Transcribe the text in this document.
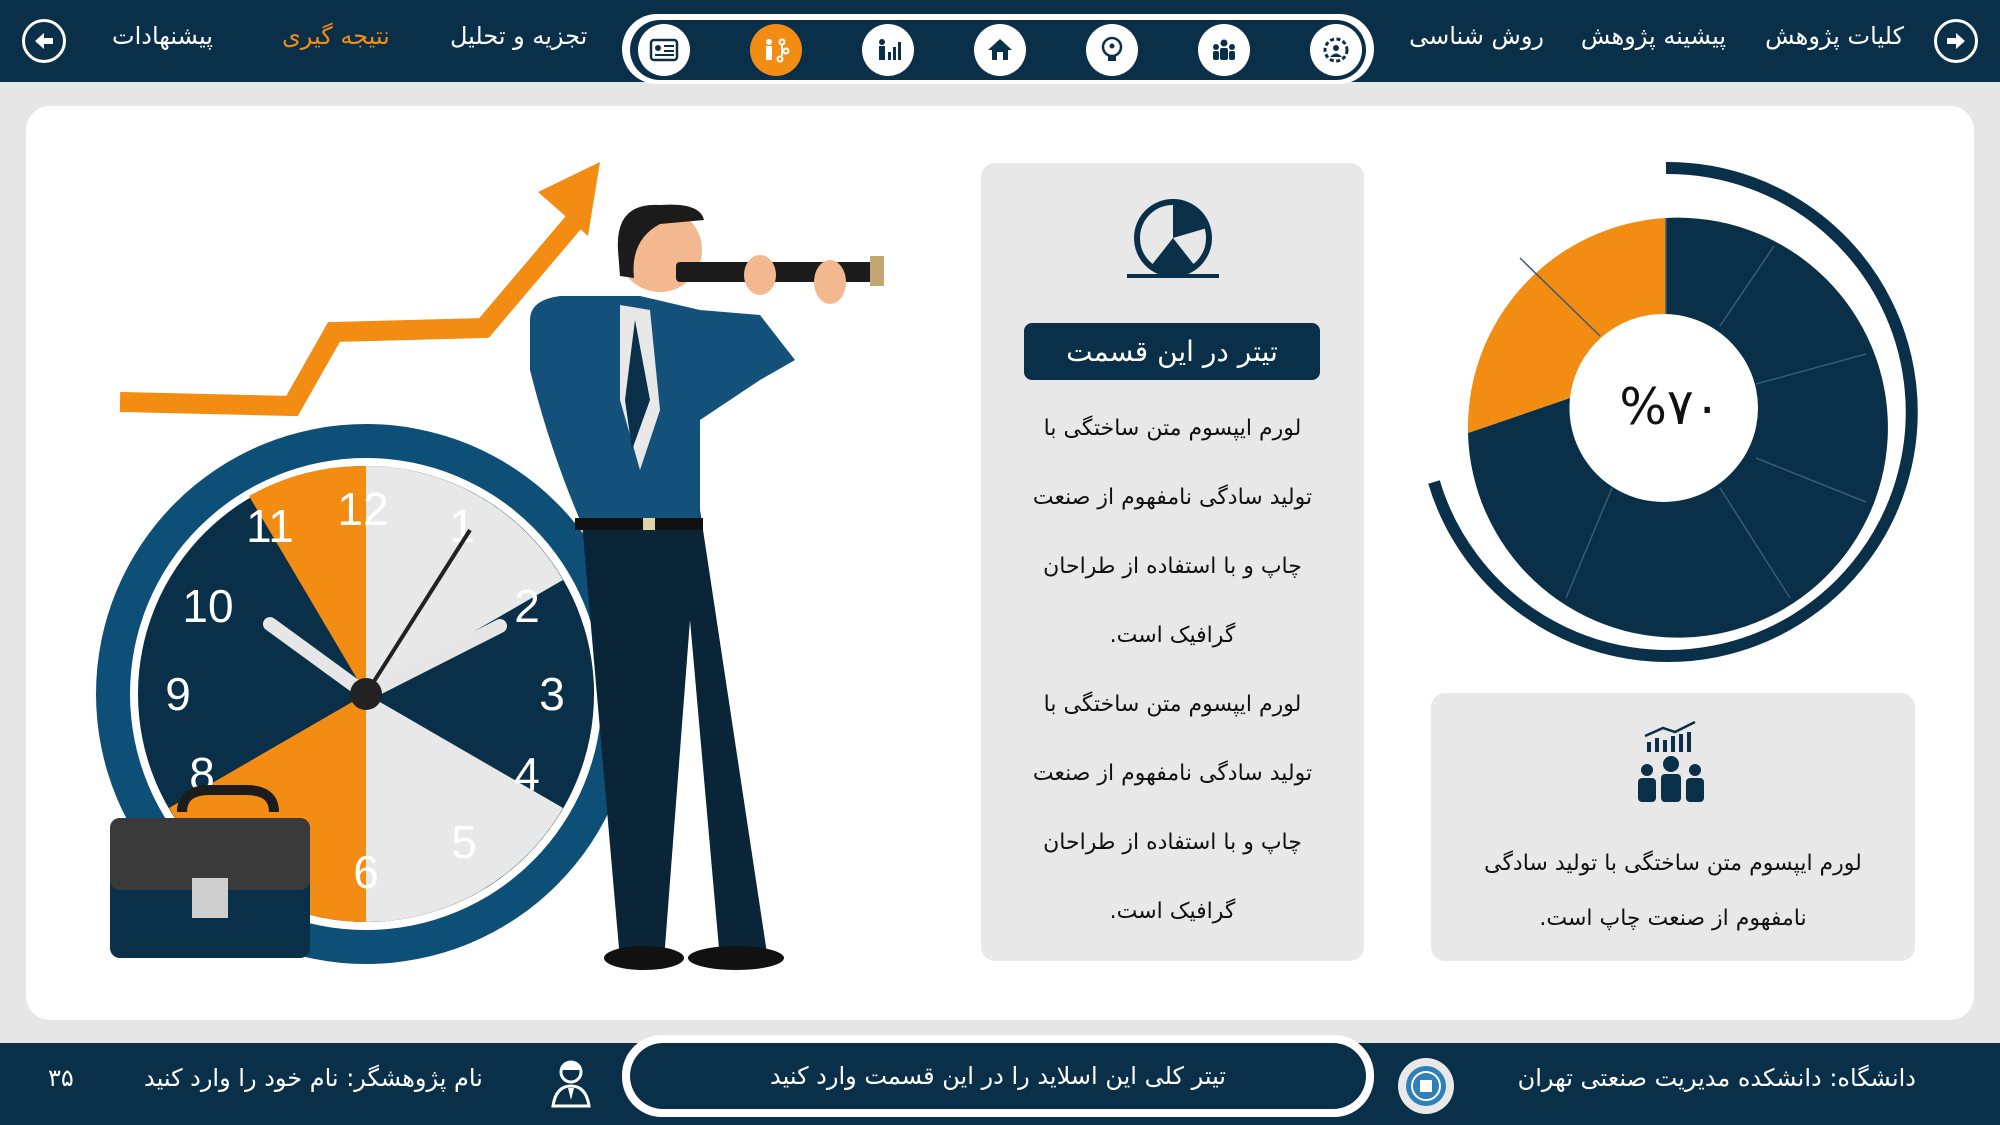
کلیات پژوهش
پیشینه پژوهش
روش شناسی
تجزیه و تحلیل
نتیجه گیری
پیشنهادات
12 1
2
3
4
5
6
8
9
10
11
تیتر در این قسمت
لورم ایپسوم متن ساختگی با
تولید سادگی نامفهوم از صنعت
چاپ و با استفاده از طراحان
گرافیک است.
لورم ایپسوم متن ساختگی با
تولید سادگی نامفهوم از صنعت
چاپ و با استفاده از طراحان
گرافیک است.
%۷۰
لورم ایپسوم متن ساختگی با تولید سادگی
نامفهوم از صنعت چاپ است.
تیتر کلی این اسلاید را در این قسمت وارد کنید	دانشگاه: دانشکده مدیریت صنعتی تهران
نام پژوهشگر: نام خود را وارد کنید
۳۵
